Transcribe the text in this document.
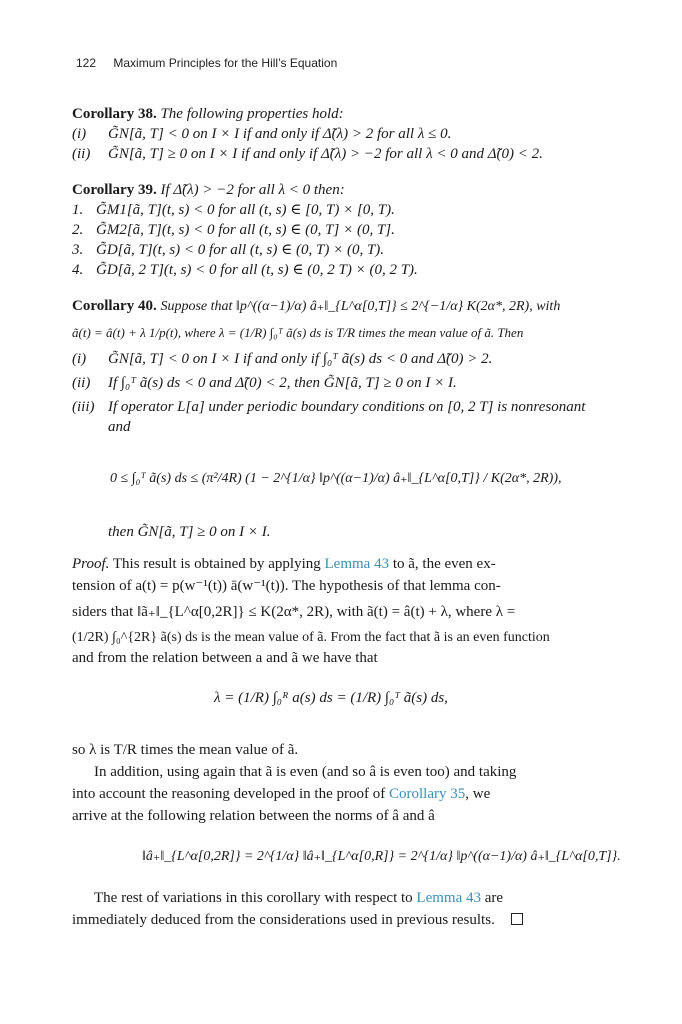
122 Maximum Principles for the Hill’s Equation
Corollary 38. The following properties hold:
(i) G̃N[ã, T] < 0 on I × I if and only if Δ̃(λ) > 2 for all λ ≤ 0.
(ii) G̃N[ã, T] ≥ 0 on I × I if and only if Δ̃(λ) > −2 for all λ < 0 and Δ̃(0) < 2.
Corollary 39. If Δ̃(λ) > −2 for all λ < 0 then:
1. G̃M1[ã, T](t, s) < 0 for all (t, s) ∈ [0, T) × [0, T).
2. G̃M2[ã, T](t, s) < 0 for all (t, s) ∈ (0, T] × (0, T].
3. G̃D[ã, T](t, s) < 0 for all (t, s) ∈ (0, T) × (0, T).
4. G̃D[ã, 2 T](t, s) < 0 for all (t, s) ∈ (0, 2 T) × (0, 2 T).
Corollary 40. Suppose that ‖p^((α−1)/α) â₊‖_{L^α[0,T]} ≤ 2^{−1/α} K(2α*, 2R), with
ã(t) = â(t) + λ 1/p(t), where λ = (1/R) ∫₀ᵀ ã(s) ds is T/R times the mean value of ã. Then
(i) G̃N[ã, T] < 0 on I × I if and only if ∫₀ᵀ ã(s) ds < 0 and Δ̃(0) > 2.
(ii) If ∫₀ᵀ ã(s) ds < 0 and Δ̃(0) < 2, then G̃N[ã, T] ≥ 0 on I × I.
(iii) If operator L[a] under periodic boundary conditions on [0, 2 T] is nonresonant
and
0 ≤ ∫₀ᵀ ã(s) ds ≤ (π²/4R) (1 − 2^{1/α} ‖p^((α−1)/α) â₊‖_{L^α[0,T]} / K(2α*, 2R)),
then G̃N[ã, T] ≥ 0 on I × I.
Proof. This result is obtained by applying Lemma 43 to ã, the even ex-
tension of a(t) = p(w⁻¹(t)) ā(w⁻¹(t)). The hypothesis of that lemma con-
siders that ‖ã₊‖_{L^α[0,2R]} ≤ K(2α*, 2R), with ã(t) = â(t) + λ, where λ =
(1/2R) ∫₀^{2R} ã(s) ds is the mean value of ã. From the fact that ã is an even function
and from the relation between a and ã we have that
λ = (1/R) ∫₀ᴿ a(s) ds = (1/R) ∫₀ᵀ ã(s) ds,
so λ is T/R times the mean value of ã.
In addition, using again that ã is even (and so â is even too) and taking
into account the reasoning developed in the proof of Corollary 35, we
arrive at the following relation between the norms of â and â
‖â₊‖_{L^α[0,2R]} = 2^{1/α} ‖â₊‖_{L^α[0,R]} = 2^{1/α} ‖p^((α−1)/α) â₊‖_{L^α[0,T]}.
The rest of variations in this corollary with respect to Lemma 43 are
immediately deduced from the considerations used in previous results.
